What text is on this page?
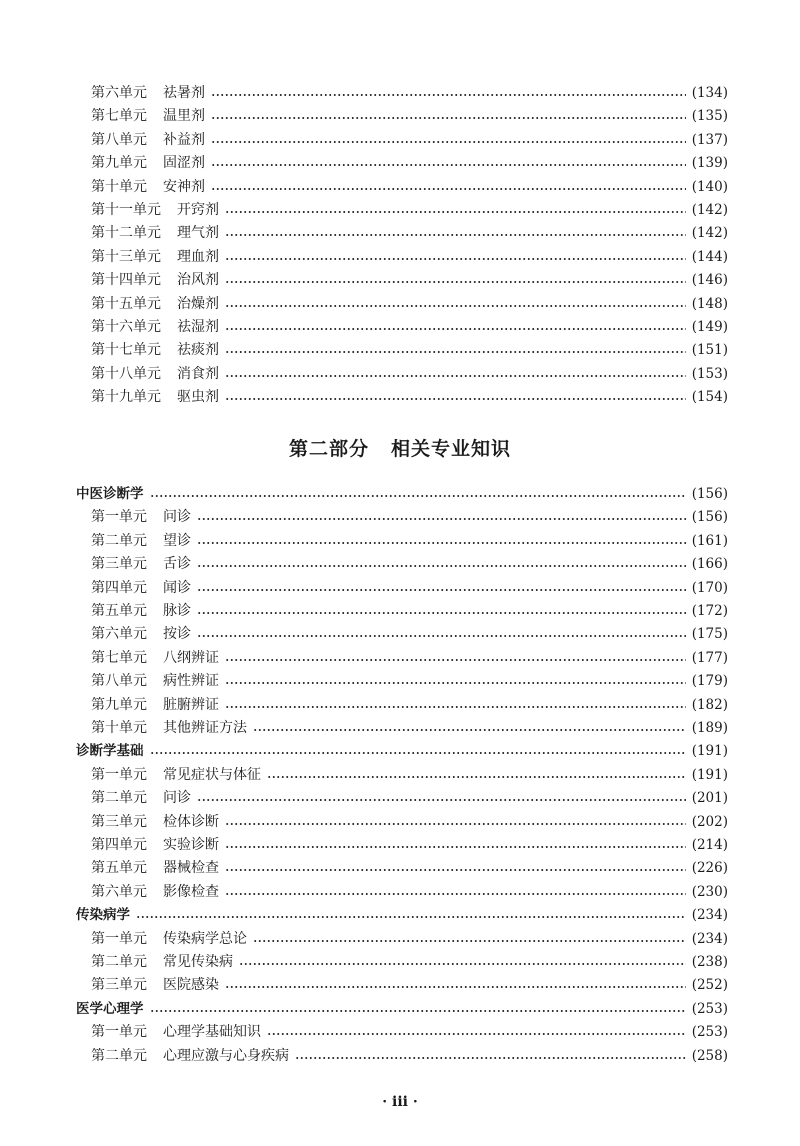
第六单元 祛暑剂	(134)
第七单元 温里剂	(135)
第八单元 补益剂	(137)
第九单元 固涩剂	(139)
第十单元 安神剂	(140)
第十一单元 开窍剂	(142)
第十二单元 理气剂	(142)
第十三单元 理血剂	(144)
第十四单元 治风剂	(146)
第十五单元 治燥剂	(148)
第十六单元 祛湿剂	(149)
第十七单元 祛痰剂	(151)
第十八单元 消食剂	(153)
第十九单元 驱虫剂	(154)
第二部分 相关专业知识
中医诊断学	(156)
第一单元 问诊	(156)
第二单元 望诊	(161)
第三单元 舌诊	(166)
第四单元 闻诊	(170)
第五单元 脉诊	(172)
第六单元 按诊	(175)
第七单元 八纲辨证	(177)
第八单元 病性辨证	(179)
第九单元 脏腑辨证	(182)
第十单元 其他辨证方法	(189)
诊断学基础	(191)
第一单元 常见症状与体征	(191)
第二单元 问诊	(201)
第三单元 检体诊断	(202)
第四单元 实验诊断	(214)
第五单元 器械检查	(226)
第六单元 影像检查	(230)
传染病学	(234)
第一单元 传染病学总论	(234)
第二单元 常见传染病	(238)
第三单元 医院感染	(252)
医学心理学	(253)
第一单元 心理学基础知识	(253)
第二单元 心理应激与心身疾病	(258)
· iii ·
